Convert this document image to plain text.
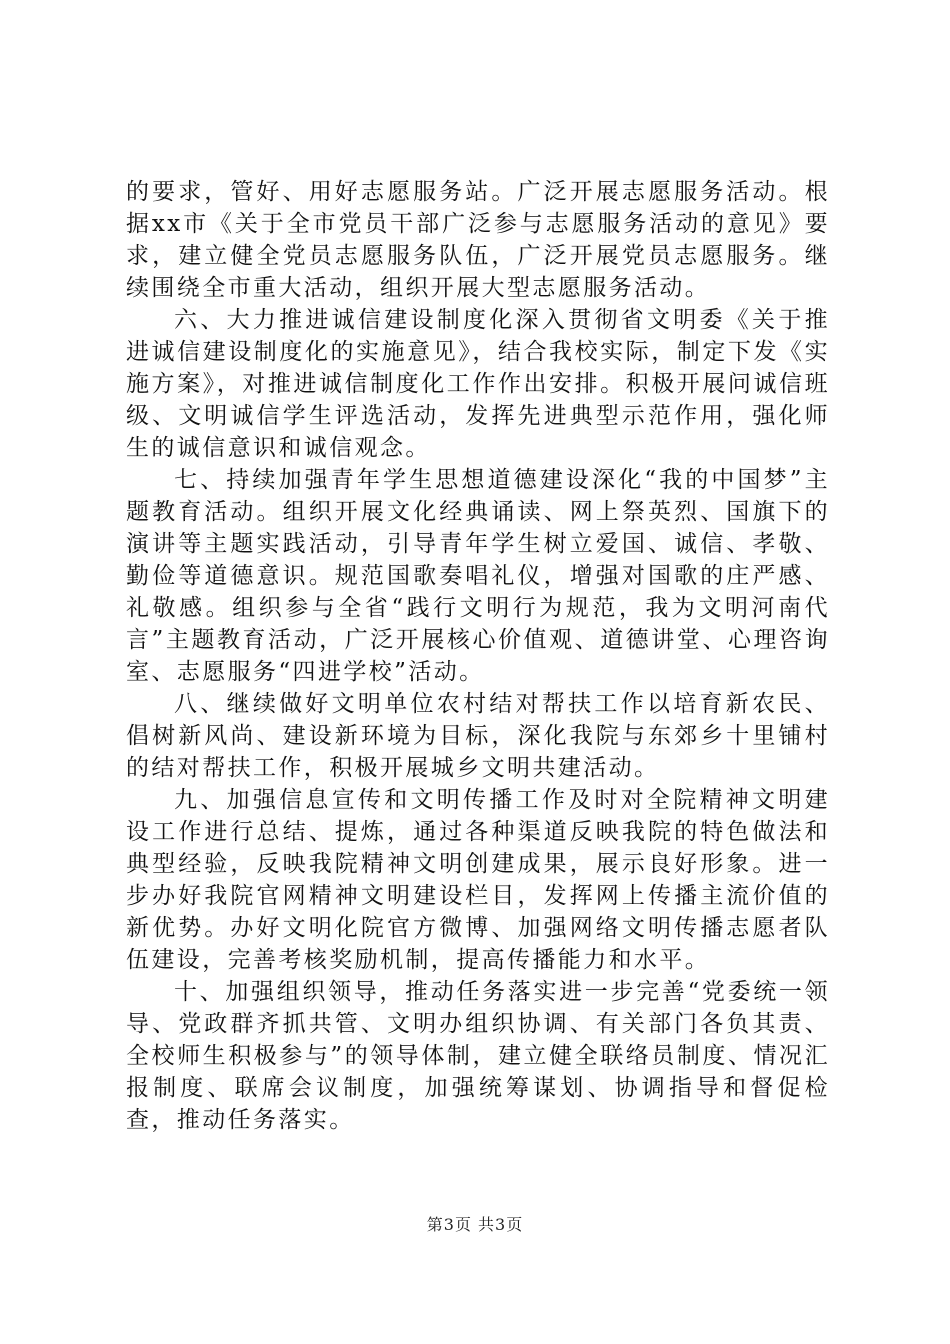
的要求，管好、用好志愿服务站。广泛开展志愿服务活动。根据xx市《关于全市党员干部广泛参与志愿服务活动的意见》要求，建立健全党员志愿服务队伍，广泛开展党员志愿服务。继续围绕全市重大活动，组织开展大型志愿服务活动。

六、大力推进诚信建设制度化深入贯彻省文明委《关于推进诚信建设制度化的实施意见》，结合我校实际，制定下发《实施方案》，对推进诚信制度化工作作出安排。积极开展问诚信班级、文明诚信学生评选活动，发挥先进典型示范作用，强化师生的诚信意识和诚信观念。

七、持续加强青年学生思想道德建设深化“我的中国梦”主题教育活动。组织开展文化经典诵读、网上祭英烈、国旗下的演讲等主题实践活动，引导青年学生树立爱国、诚信、孝敬、勤俭等道德意识。规范国歌奏唱礼仪，增强对国歌的庄严感、礼敬感。组织参与全省“践行文明行为规范，我为文明河南代言”主题教育活动，广泛开展核心价值观、道德讲堂、心理咨询室、志愿服务“四进学校”活动。

八、继续做好文明单位农村结对帮扶工作以培育新农民、倡树新风尚、建设新环境为目标，深化我院与东郊乡十里铺村的结对帮扶工作，积极开展城乡文明共建活动。

九、加强信息宣传和文明传播工作及时对全院精神文明建设工作进行总结、提炼，通过各种渠道反映我院的特色做法和典型经验，反映我院精神文明创建成果，展示良好形象。进一步办好我院官网精神文明建设栏目，发挥网上传播主流价值的新优势。办好文明化院官方微博、加强网络文明传播志愿者队伍建设，完善考核奖励机制，提高传播能力和水平。

十、加强组织领导，推动任务落实进一步完善“党委统一领导、党政群齐抓共管、文明办组织协调、有关部门各负其责、全校师生积极参与”的领导体制，建立健全联络员制度、情况汇报制度、联席会议制度，加强统筹谋划、协调指导和督促检查，推动任务落实。

第3页 共3页
